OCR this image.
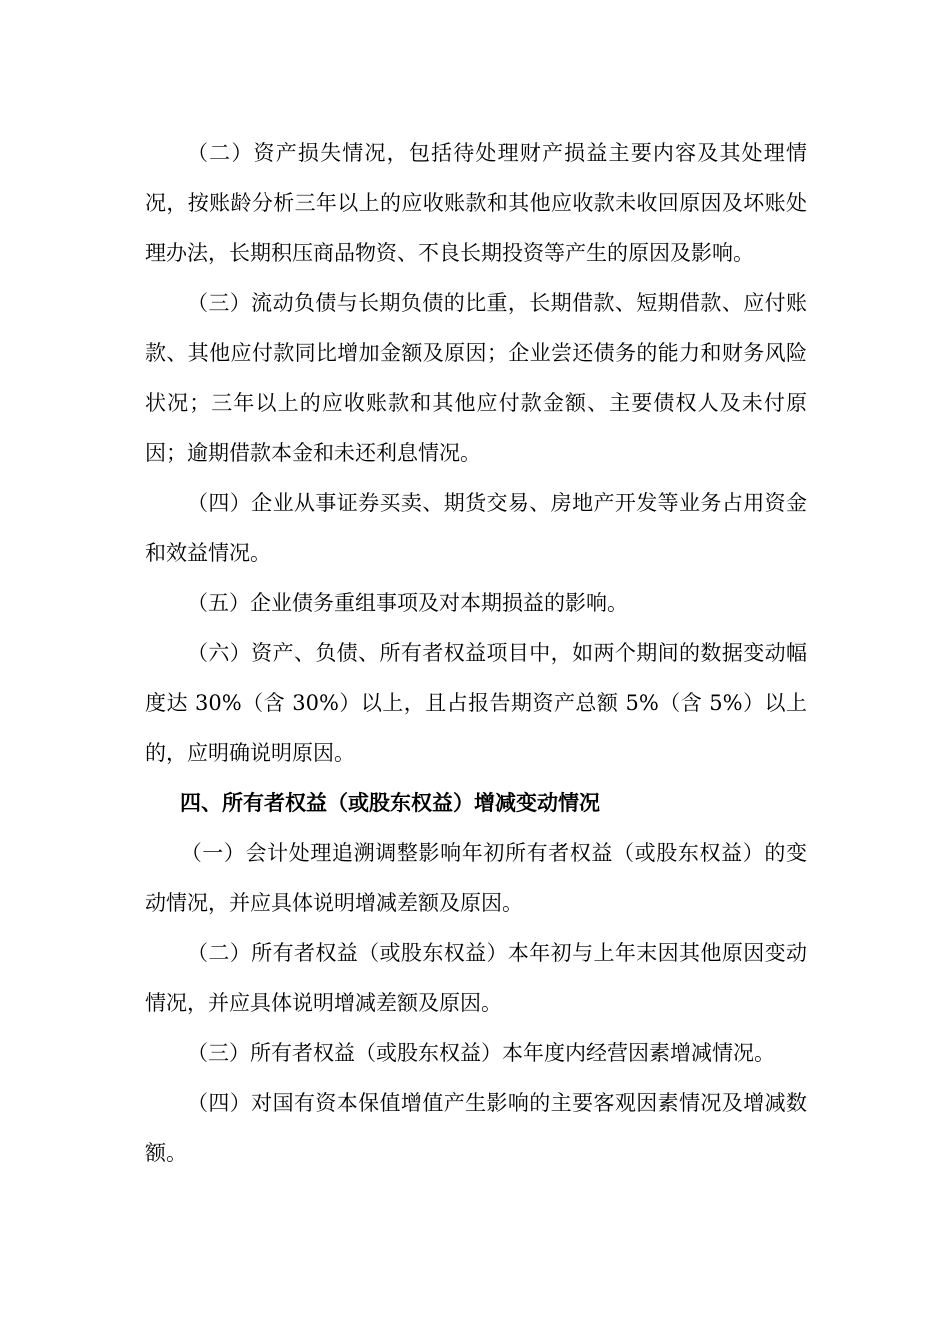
（二）资产损失情况，包括待处理财产损益主要内容及其处理情况，按账龄分析三年以上的应收账款和其他应收款未收回原因及坏账处理办法，长期积压商品物资、不良长期投资等产生的原因及影响。

（三）流动负债与长期负债的比重，长期借款、短期借款、应付账款、其他应付款同比增加金额及原因；企业尝还债务的能力和财务风险状况；三年以上的应收账款和其他应付款金额、主要债权人及未付原因；逾期借款本金和未还利息情况。

（四）企业从事证券买卖、期货交易、房地产开发等业务占用资金和效益情况。

（五）企业债务重组事项及对本期损益的影响。

（六）资产、负债、所有者权益项目中，如两个期间的数据变动幅度达 30%（含 30%）以上，且占报告期资产总额 5%（含 5%）以上的，应明确说明原因。

四、所有者权益（或股东权益）增减变动情况

（一）会计处理追溯调整影响年初所有者权益（或股东权益）的变动情况，并应具体说明增减差额及原因。

（二）所有者权益（或股东权益）本年初与上年末因其他原因变动情况，并应具体说明增减差额及原因。

（三）所有者权益（或股东权益）本年度内经营因素增减情况。

（四）对国有资本保值增值产生影响的主要客观因素情况及增减数额。
